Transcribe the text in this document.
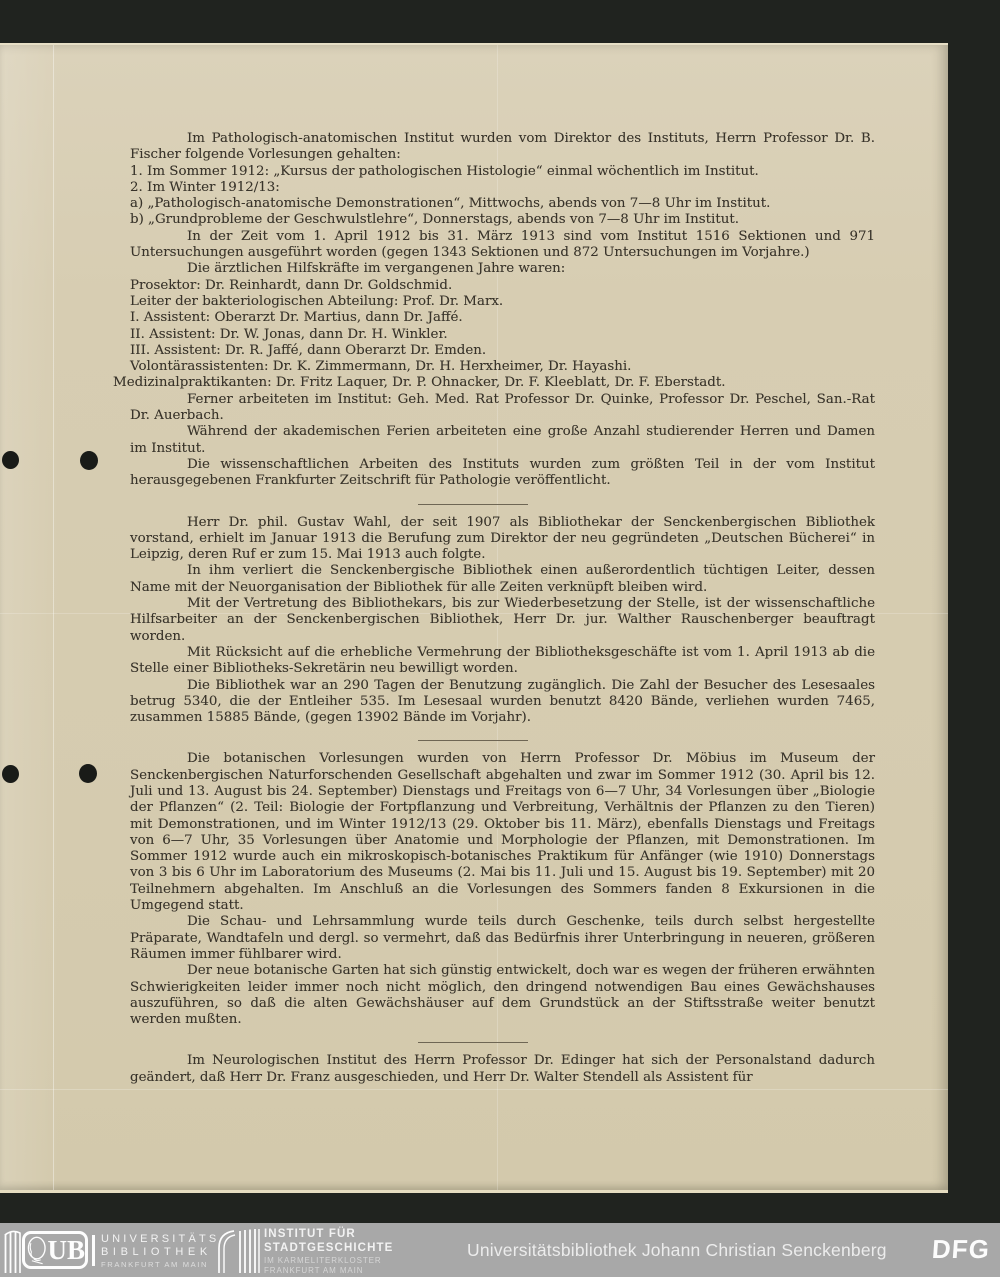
Im Pathologisch-anatomischen Institut wurden vom Direktor des Instituts, Herrn Professor Dr. B. Fischer folgende Vorlesungen gehalten:

1. Im Sommer 1912: „Kursus der pathologischen Histologie“ einmal wöchentlich im Institut.

2. Im Winter 1912/13:

a) „Pathologisch-anatomische Demonstrationen“, Mittwochs, abends von 7—8 Uhr im Institut.

b) „Grundprobleme der Geschwulstlehre“, Donnerstags, abends von 7—8 Uhr im Institut.

In der Zeit vom 1. April 1912 bis 31. März 1913 sind vom Institut 1516 Sektionen und 971 Untersuchungen ausgeführt worden (gegen 1343 Sektionen und 872 Untersuchungen im Vorjahre.)

Die ärztlichen Hilfskräfte im vergangenen Jahre waren:

Prosektor: Dr. Reinhardt, dann Dr. Goldschmid.

Leiter der bakteriologischen Abteilung: Prof. Dr. Marx.

I. Assistent: Oberarzt Dr. Martius, dann Dr. Jaffé.

II. Assistent: Dr. W. Jonas, dann Dr. H. Winkler.

III. Assistent: Dr. R. Jaffé, dann Oberarzt Dr. Emden.

Volontärassistenten: Dr. K. Zimmermann, Dr. H. Herxheimer, Dr. Hayashi.

Medizinalpraktikanten: Dr. Fritz Laquer, Dr. P. Ohnacker, Dr. F. Kleeblatt, Dr. F. Eberstadt.

Ferner arbeiteten im Institut: Geh. Med. Rat Professor Dr. Quinke, Professor Dr. Peschel, San.-Rat Dr. Auerbach.

Während der akademischen Ferien arbeiteten eine große Anzahl studierender Herren und Damen im Institut.

Die wissenschaftlichen Arbeiten des Instituts wurden zum größten Teil in der vom Institut herausgegebenen Frankfurter Zeitschrift für Pathologie veröffentlicht.

Herr Dr. phil. Gustav Wahl, der seit 1907 als Bibliothekar der Senckenbergischen Bibliothek vorstand, erhielt im Januar 1913 die Berufung zum Direktor der neu gegründeten „Deutschen Bücherei“ in Leipzig, deren Ruf er zum 15. Mai 1913 auch folgte.

In ihm verliert die Senckenbergische Bibliothek einen außerordentlich tüchtigen Leiter, dessen Name mit der Neuorganisation der Bibliothek für alle Zeiten verknüpft bleiben wird.

Mit der Vertretung des Bibliothekars, bis zur Wiederbesetzung der Stelle, ist der wissenschaftliche Hilfsarbeiter an der Senckenbergischen Bibliothek, Herr Dr. jur. Walther Rauschenberger beauftragt worden.

Mit Rücksicht auf die erhebliche Vermehrung der Bibliotheksgeschäfte ist vom 1. April 1913 ab die Stelle einer Bibliotheks-Sekretärin neu bewilligt worden.

Die Bibliothek war an 290 Tagen der Benutzung zugänglich. Die Zahl der Besucher des Lesesaales betrug 5340, die der Entleiher 535. Im Lesesaal wurden benutzt 8420 Bände, verliehen wurden 7465, zusammen 15885 Bände, (gegen 13902 Bände im Vorjahr).

Die botanischen Vorlesungen wurden von Herrn Professor Dr. Möbius im Museum der Senckenbergischen Naturforschenden Gesellschaft abgehalten und zwar im Sommer 1912 (30. April bis 12. Juli und 13. August bis 24. September) Dienstags und Freitags von 6—7 Uhr, 34 Vorlesungen über „Biologie der Pflanzen“ (2. Teil: Biologie der Fortpflanzung und Verbreitung, Verhältnis der Pflanzen zu den Tieren) mit Demonstrationen, und im Winter 1912/13 (29. Oktober bis 11. März), ebenfalls Dienstags und Freitags von 6—7 Uhr, 35 Vorlesungen über Anatomie und Morphologie der Pflanzen, mit Demonstrationen. Im Sommer 1912 wurde auch ein mikroskopisch-botanisches Praktikum für Anfänger (wie 1910) Donnerstags von 3 bis 6 Uhr im Laboratorium des Museums (2. Mai bis 11. Juli und 15. August bis 19. September) mit 20 Teilnehmern abgehalten. Im Anschluß an die Vorlesungen des Sommers fanden 8 Exkursionen in die Umgegend statt.

Die Schau- und Lehrsammlung wurde teils durch Geschenke, teils durch selbst hergestellte Präparate, Wandtafeln und dergl. so vermehrt, daß das Bedürfnis ihrer Unterbringung in neueren, größeren Räumen immer fühlbarer wird.

Der neue botanische Garten hat sich günstig entwickelt, doch war es wegen der früheren erwähnten Schwierigkeiten leider immer noch nicht möglich, den dringend notwendigen Bau eines Gewächshauses auszuführen, so daß die alten Gewächshäuser auf dem Grundstück an der Stiftsstraße weiter benutzt werden mußten.

Im Neurologischen Institut des Herrn Professor Dr. Edinger hat sich der Personalstand dadurch geändert, daß Herr Dr. Franz ausgeschieden, und Herr Dr. Walter Stendell als Assistent für

UB UNIVERSITÄTS
BIBLIOTHEK
FRANKFURT AM MAIN
INSTITUT FÜR
STADTGESCHICHTE
IM KARMELITERKLOSTER
FRANKFURT AM MAIN
Universitätsbibliothek Johann Christian Senckenberg DFG
